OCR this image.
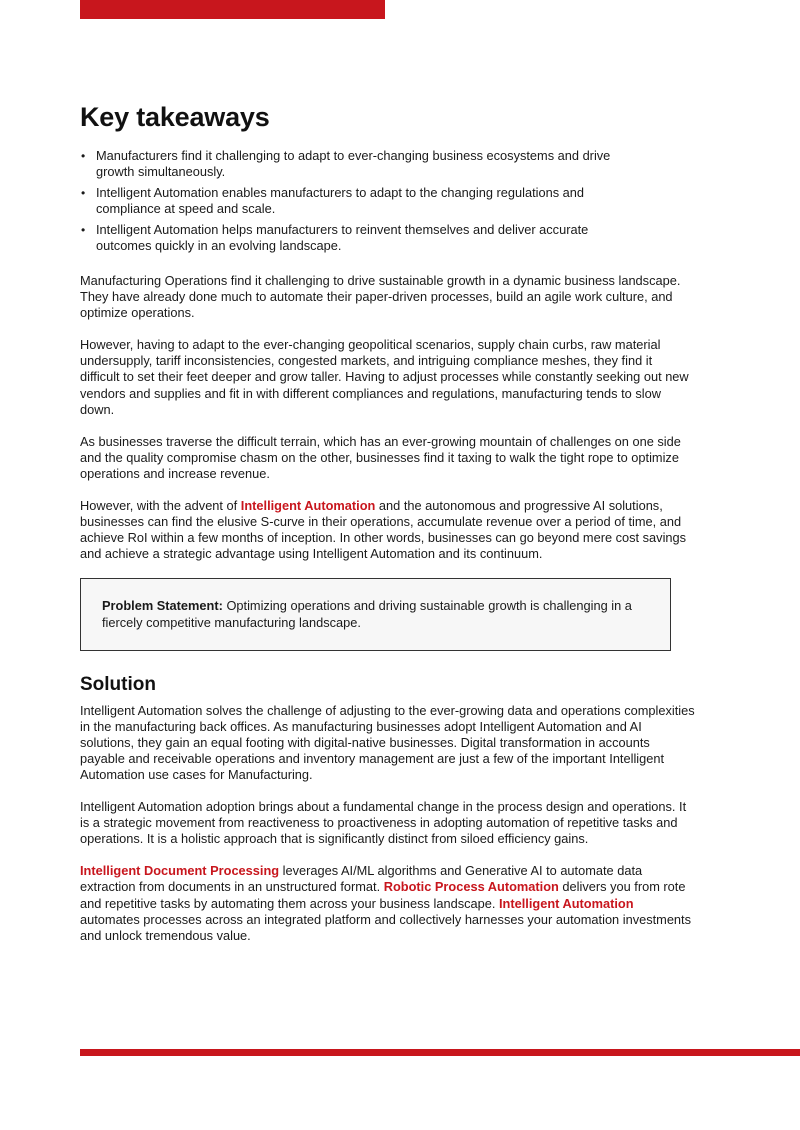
Key takeaways
• Manufacturers find it challenging to adapt to ever-changing business ecosystems and drive growth simultaneously.
• Intelligent Automation enables manufacturers to adapt to the changing regulations and compliance at speed and scale.
• Intelligent Automation helps manufacturers to reinvent themselves and deliver accurate outcomes quickly in an evolving landscape.

Manufacturing Operations find it challenging to drive sustainable growth in a dynamic business landscape. They have already done much to automate their paper-driven processes, build an agile work culture, and optimize operations.

However, having to adapt to the ever-changing geopolitical scenarios, supply chain curbs, raw material undersupply, tariff inconsistencies, congested markets, and intriguing compliance meshes, they find it difficult to set their feet deeper and grow taller. Having to adjust processes while constantly seeking out new vendors and supplies and fit in with different compliances and regulations, manufacturing tends to slow down.

As businesses traverse the difficult terrain, which has an ever-growing mountain of challenges on one side and the quality compromise chasm on the other, businesses find it taxing to walk the tight rope to optimize operations and increase revenue.

However, with the advent of Intelligent Automation and the autonomous and progressive AI solutions, businesses can find the elusive S-curve in their operations, accumulate revenue over a period of time, and achieve RoI within a few months of inception. In other words, businesses can go beyond mere cost savings and achieve a strategic advantage using Intelligent Automation and its continuum.

Problem Statement: Optimizing operations and driving sustainable growth is challenging in a fiercely competitive manufacturing landscape.

Solution

Intelligent Automation solves the challenge of adjusting to the ever-growing data and operations complexities in the manufacturing back offices. As manufacturing businesses adopt Intelligent Automation and AI solutions, they gain an equal footing with digital-native businesses. Digital transformation in accounts payable and receivable operations and inventory management are just a few of the important Intelligent Automation use cases for Manufacturing.

Intelligent Automation adoption brings about a fundamental change in the process design and operations. It is a strategic movement from reactiveness to proactiveness in adopting automation of repetitive tasks and operations. It is a holistic approach that is significantly distinct from siloed efficiency gains.

Intelligent Document Processing leverages AI/ML algorithms and Generative AI to automate data extraction from documents in an unstructured format. Robotic Process Automation delivers you from rote and repetitive tasks by automating them across your business landscape. Intelligent Automation automates processes across an integrated platform and collectively harnesses your automation investments and unlock tremendous value.
